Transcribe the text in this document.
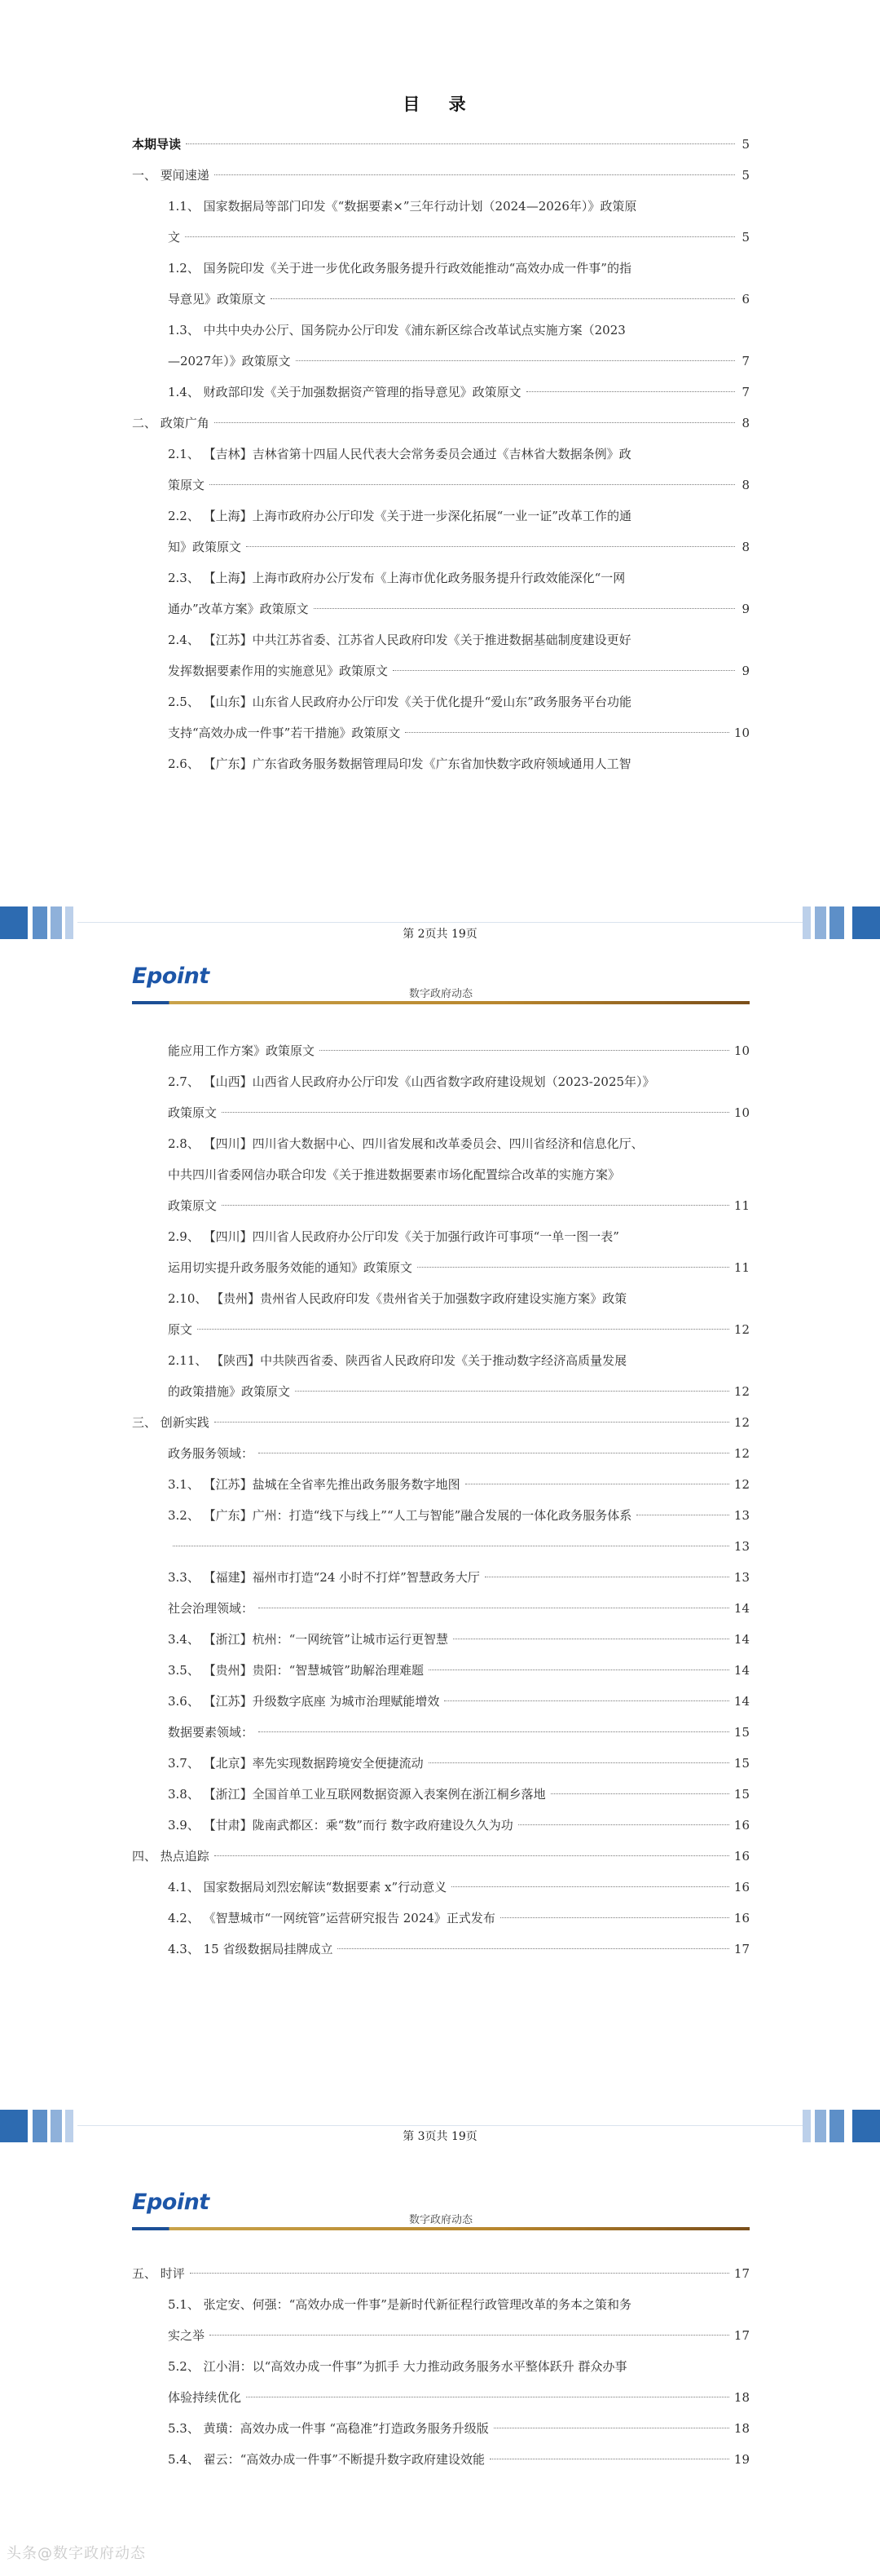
目 录
本期导读	5
一、 要闻速递	5
1.1、 国家数据局等部门印发《“数据要素×”三年行动计划（2024—2026年）》政策原
文	5
1.2、 国务院印发《关于进一步优化政务服务提升行政效能推动“高效办成一件事”的指
导意见》政策原文	6
1.3、 中共中央办公厅、国务院办公厅印发《浦东新区综合改革试点实施方案（2023
—2027年）》政策原文	7
1.4、 财政部印发《关于加强数据资产管理的指导意见》政策原文	7
二、 政策广角	8
2.1、 【吉林】吉林省第十四届人民代表大会常务委员会通过《吉林省大数据条例》政
策原文	8
2.2、 【上海】上海市政府办公厅印发《关于进一步深化拓展“一业一证”改革工作的通
知》政策原文	8
2.3、 【上海】上海市政府办公厅发布《上海市优化政务服务提升行政效能深化“一网
通办”改革方案》政策原文	9
2.4、 【江苏】中共江苏省委、江苏省人民政府印发《关于推进数据基础制度建设更好
发挥数据要素作用的实施意见》政策原文	9
2.5、 【山东】山东省人民政府办公厅印发《关于优化提升“爱山东”政务服务平台功能
支持“高效办成一件事”若干措施》政策原文	10
2.6、 【广东】广东省政务服务数据管理局印发《广东省加快数字政府领域通用人工智
第 2页共 19页
Epoint
数字政府动态
能应用工作方案》政策原文	10
2.7、 【山西】山西省人民政府办公厅印发《山西省数字政府建设规划（2023-2025年）》
政策原文	10
2.8、 【四川】四川省大数据中心、四川省发展和改革委员会、四川省经济和信息化厅、
中共四川省委网信办联合印发《关于推进数据要素市场化配置综合改革的实施方案》
政策原文	11
2.9、 【四川】四川省人民政府办公厅印发《关于加强行政许可事项“一单一图一表”
运用切实提升政务服务效能的通知》政策原文	11
2.10、 【贵州】贵州省人民政府印发《贵州省关于加强数字政府建设实施方案》政策
原文	12
2.11、 【陕西】中共陕西省委、陕西省人民政府印发《关于推动数字经济高质量发展
的政策措施》政策原文	12
三、 创新实践	12
政务服务领域：	12
3.1、 【江苏】盐城在全省率先推出政务服务数字地图	12
3.2、 【广东】广州：打造“线下与线上”“人工与智能”融合发展的一体化政务服务体系	13
13
3.3、 【福建】福州市打造“24 小时不打烊”智慧政务大厅	13
社会治理领域：	14
3.4、 【浙江】杭州：“一网统管”让城市运行更智慧	14
3.5、 【贵州】贵阳：“智慧城管”助解治理难题	14
3.6、 【江苏】升级数字底座 为城市治理赋能增效	14
数据要素领域：	15
3.7、 【北京】率先实现数据跨境安全便捷流动	15
3.8、 【浙江】全国首单工业互联网数据资源入表案例在浙江桐乡落地	15
3.9、 【甘肃】陇南武都区：乘“数”而行 数字政府建设久久为功	16
四、 热点追踪	16
4.1、 国家数据局刘烈宏解读“数据要素 x”行动意义	16
4.2、 《智慧城市“一网统管”运营研究报告 2024》正式发布	16
4.3、 15 省级数据局挂牌成立	17
第 3页共 19页
Epoint
数字政府动态
五、 时评	17
5.1、 张定安、何强：“高效办成一件事”是新时代新征程行政管理改革的务本之策和务
实之举	17
5.2、 江小涓：以“高效办成一件事”为抓手 大力推动政务服务水平整体跃升 群众办事
体验持续优化	18
5.3、 黄璜：高效办成一件事 “高稳准”打造政务服务升级版	18
5.4、 翟云：“高效办成一件事”不断提升数字政府建设效能	19
头条@数字政府动态
